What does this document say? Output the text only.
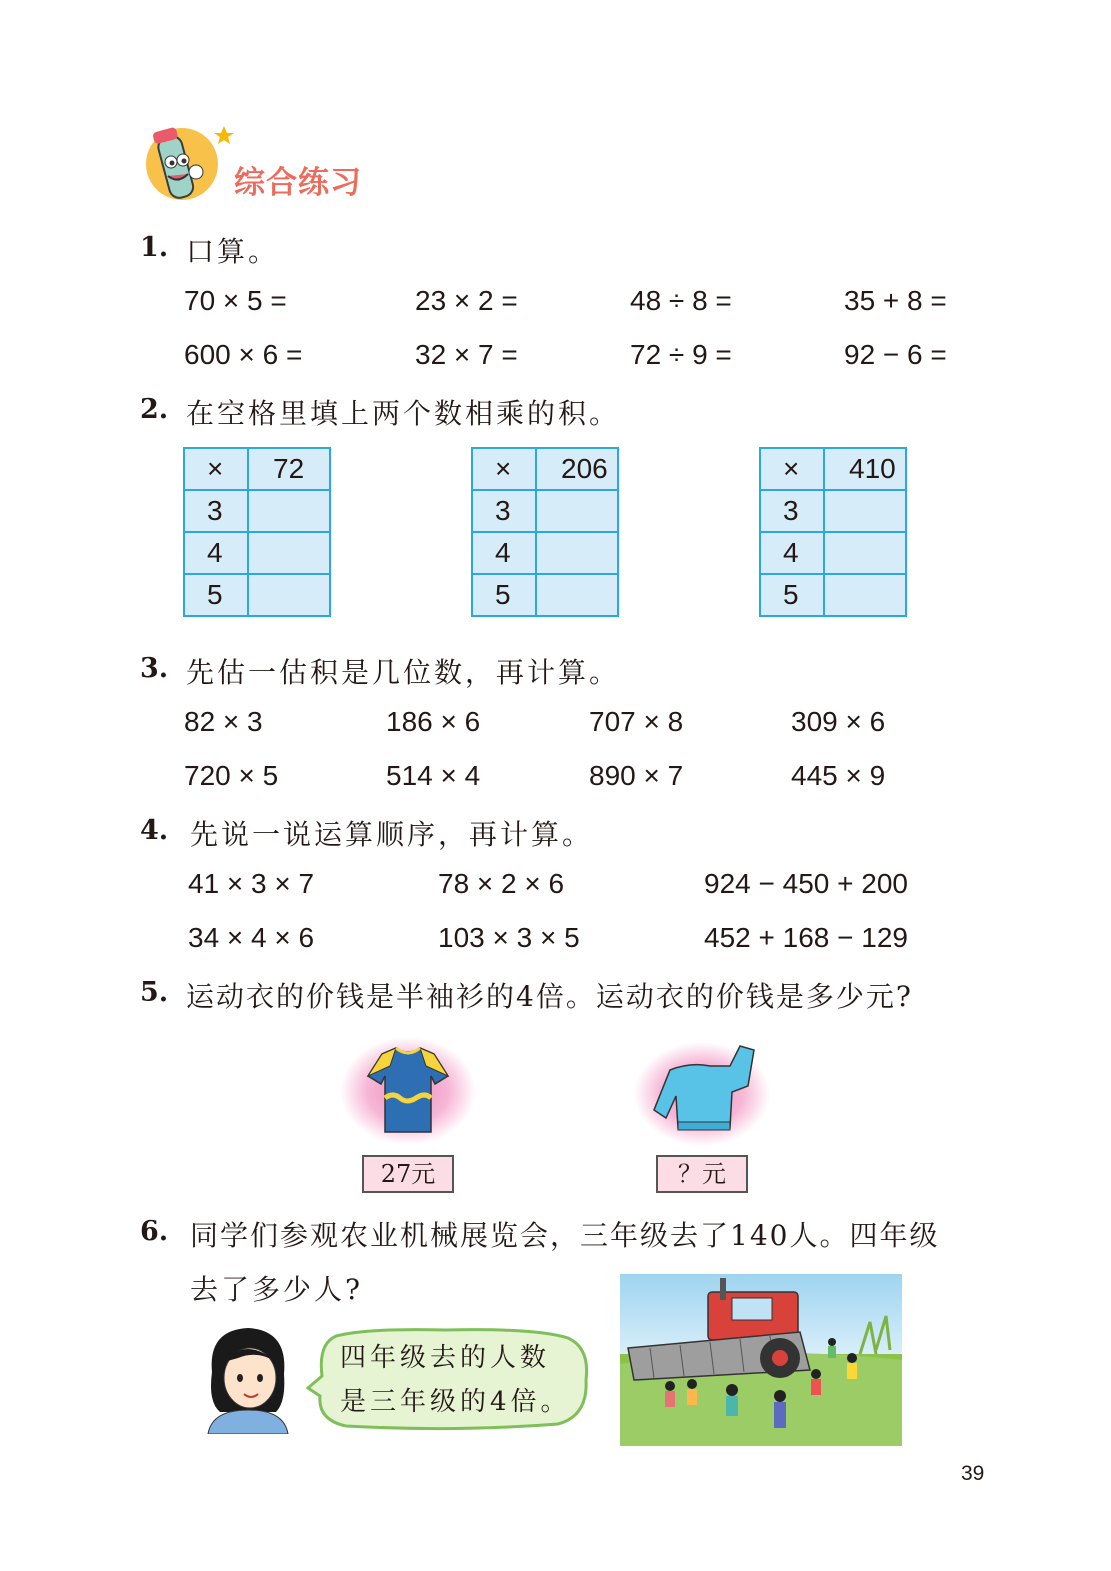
综合练习
1. 口算。
70 × 5 =	23 × 2 =	48 ÷ 8 =	35 + 8 =
600 × 6 =	32 × 7 =	72 ÷ 9 =	92 − 6 =
2. 在空格里填上两个数相乘的积。
×	72
3	
4	
5	
×	206
3	
4	
5	
×	410
3	
4	
5	
3. 先估一估积是几位数，再计算。
82 × 3	186 × 6	707 × 8	309 × 6
720 × 5	514 × 4	890 × 7	445 × 9
4. 先说一说运算顺序，再计算。
41 × 3 × 7	78 × 2 × 6	924 − 450 + 200
34 × 4 × 6	103 × 3 × 5	452 + 168 − 129
5. 运动衣的价钱是半袖衫的4倍。运动衣的价钱是多少元?
27元	？元
6. 同学们参观农业机械展览会，三年级去了140人。四年级
去了多少人?
四年级去的人数
是三年级的4倍。
39
